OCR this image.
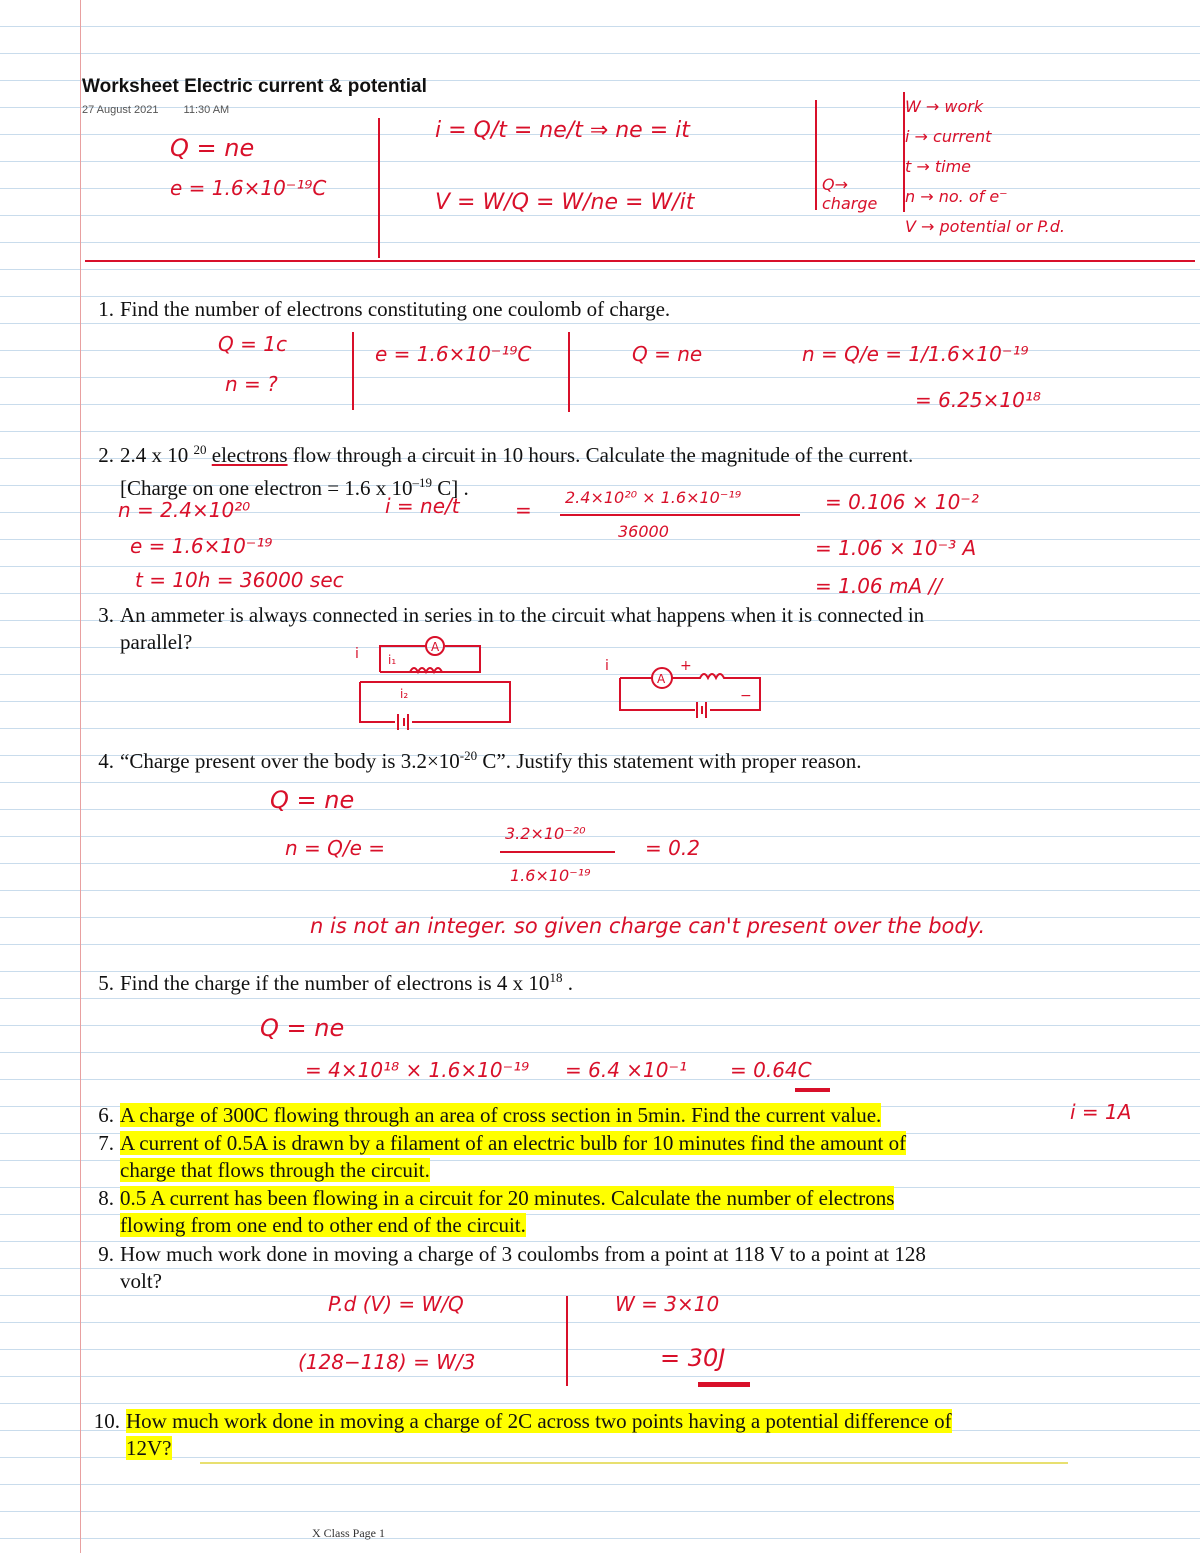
Worksheet Electric current & potential
27 August 2021 11:30 AM
Q = ne
e = 1.6×10⁻¹⁹C
i = Q/t = ne/t ⇒ ne = it
V = W/Q = W/ne = W/it
Q→ charge
W → work
i → current
t → time
n → no. of e⁻
V → potential or P.d.
1. Find the number of electrons constituting one coulomb of charge.
Q = 1c
n = ?
e = 1.6×10⁻¹⁹C	Q = ne	n = Q/e = 1/1.6×10⁻¹⁹
= 6.25×10¹⁸
2. 2.4 x 10 $^{20}$ electrons flow through a circuit in 10 hours. Calculate the magnitude of the current.
[Charge on one electron = 1.6 x $10^{-19}$ C] .
n = 2.4×10²⁰
e = 1.6×10⁻¹⁹
t = 10h = 36000 sec
i = ne/t	=
2.4×10²⁰ × 1.6×10⁻¹⁹
36000
= 0.106 × 10⁻²
= 1.06 × 10⁻³ A
= 1.06 mA //
3. An ammeter is always connected in series in to the circuit what happens when it is connected in
parallel?	A
i i₁
i₂
A
i	+
−
4. “Charge present over the body is $3.2\times 10^{-20}$ C”. Justify this statement with proper reason.
Q = ne
n = Q/e =
3.2×10⁻²⁰
1.6×10⁻¹⁹
= 0.2
n is not an integer. so given charge can't present over the body.
5. Find the charge if the number of electrons is 4 x $10^{18}$ .
Q = ne
= 4×10¹⁸ × 1.6×10⁻¹⁹ = 6.4 ×10⁻¹ = 0.64C
6. A charge of 300C flowing through an area of cross section in 5min. Find the current value.	i = 1A
7. A current of 0.5A is drawn by a filament of an electric bulb for 10 minutes find the amount of
charge that flows through the circuit.
8. 0.5 A current has been flowing in a circuit for 20 minutes. Calculate the number of electrons
flowing from one end to other end of the circuit.
9. How much work done in moving a charge of 3 coulombs from a point at 118 V to a point at 128
volt?
P.d (V) = W/Q
(128−118) = W/3
W = 3×10
= 30J
10. How much work done in moving a charge of 2C across two points having a potential difference of
12V?
X Class Page 1
